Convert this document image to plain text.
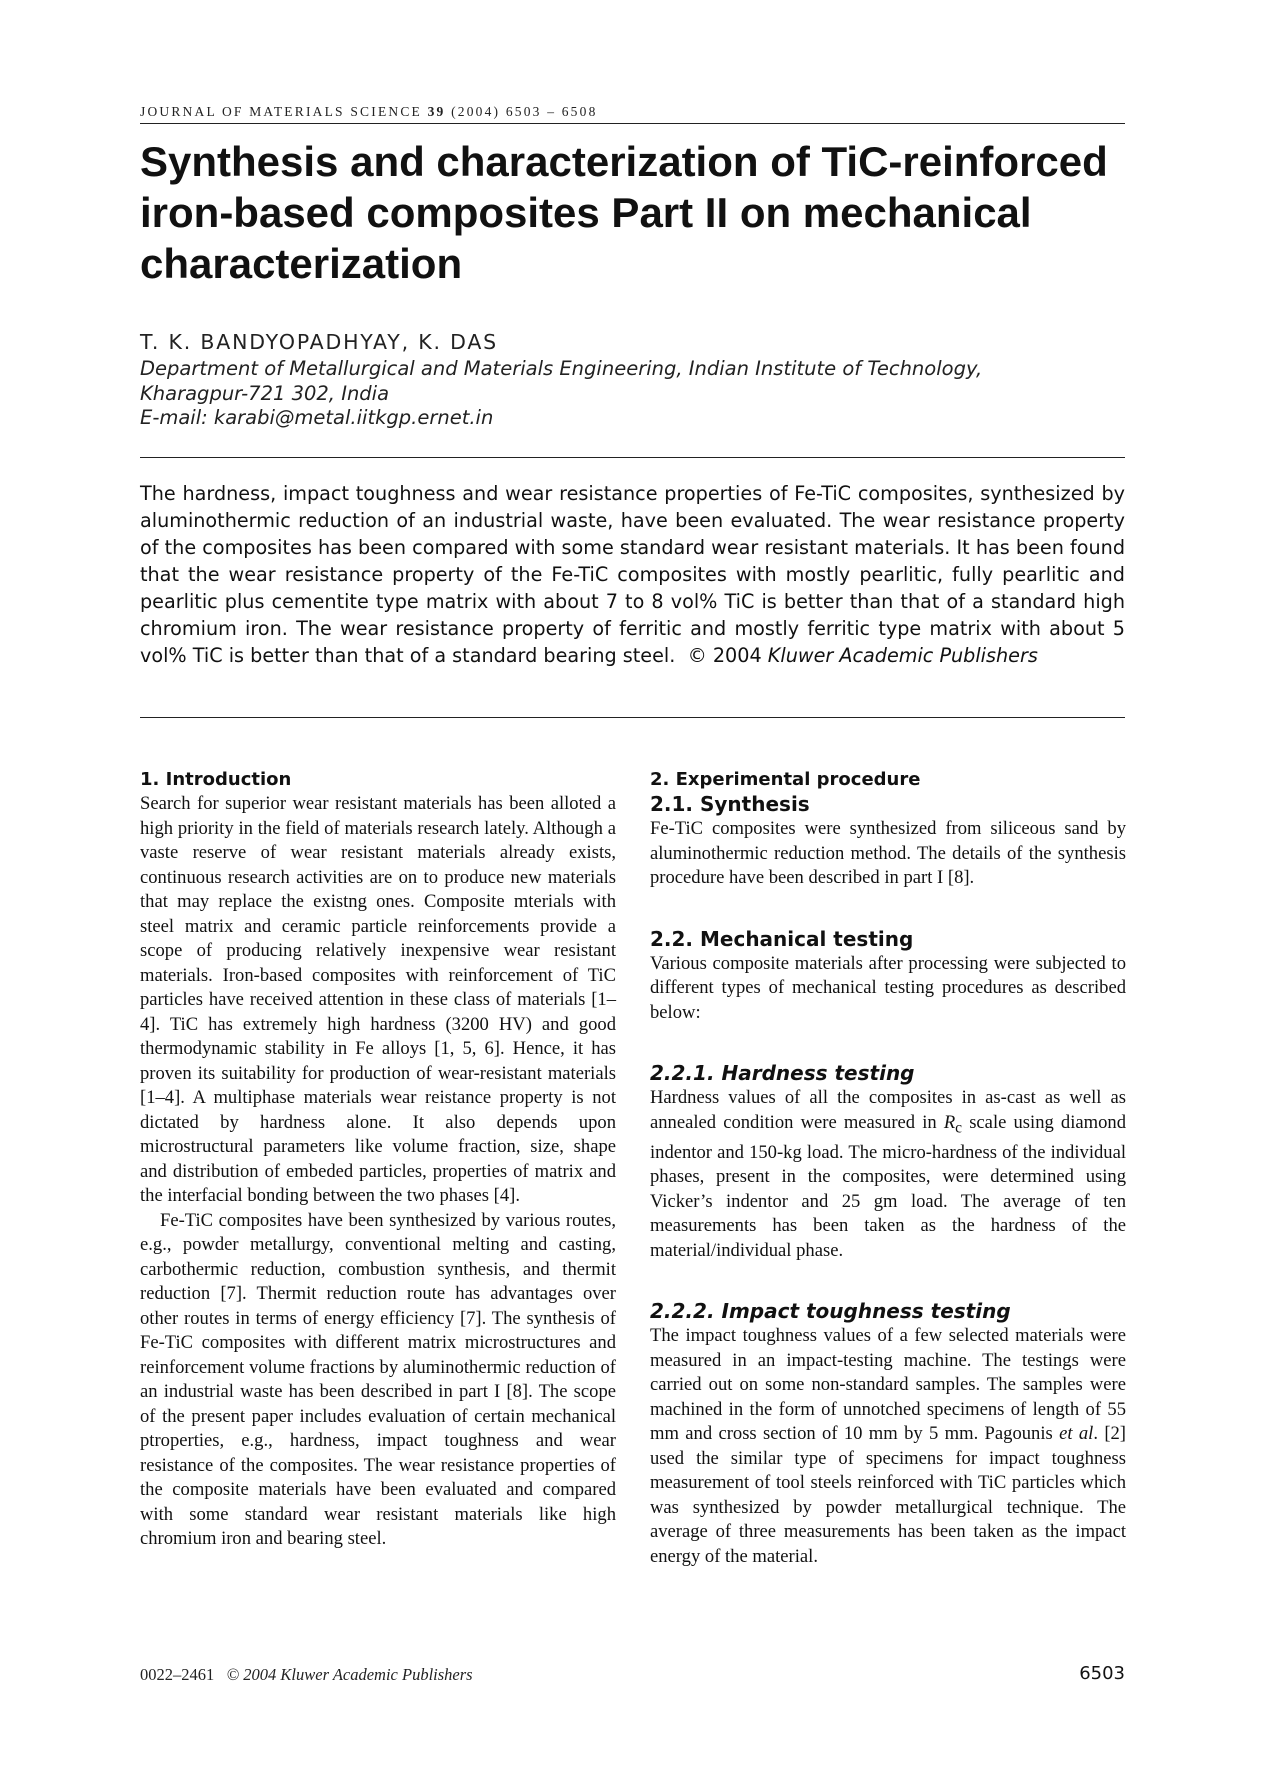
JOURNAL OF MATERIALS SCIENCE 39 (2004) 6503 – 6508
Synthesis and characterization of TiC-reinforced iron-based composites Part II on mechanical characterization
T. K. BANDYOPADHYAY, K. DAS
Department of Metallurgical and Materials Engineering, Indian Institute of Technology,
Kharagpur-721 302, India
E-mail: karabi@metal.iitkgp.ernet.in

The hardness, impact toughness and wear resistance properties of Fe-TiC composites, synthesized by aluminothermic reduction of an industrial waste, have been evaluated. The wear resistance property of the composites has been compared with some standard wear resistant materials. It has been found that the wear resistance property of the Fe-TiC composites with mostly pearlitic, fully pearlitic and pearlitic plus cementite type matrix with about 7 to 8 vol% TiC is better than that of a standard high chromium iron. The wear resistance property of ferritic and mostly ferritic type matrix with about 5 vol% TiC is better than that of a standard bearing steel. © 2004 Kluwer Academic Publishers

1. Introduction

Search for superior wear resistant materials has been alloted a high priority in the field of materials research lately. Although a vaste reserve of wear resistant materials already exists, continuous research activities are on to produce new materials that may replace the existng ones. Composite mterials with steel matrix and ceramic particle reinforcements provide a scope of producing relatively inexpensive wear resistant materials. Iron-based composites with reinforcement of TiC particles have received attention in these class of materials [1–4]. TiC has extremely high hardness (3200 HV) and good thermodynamic stability in Fe alloys [1, 5, 6]. Hence, it has proven its suitability for production of wear-resistant materials [1–4]. A multiphase materials wear reistance property is not dictated by hardness alone. It also depends upon microstructural parameters like volume fraction, size, shape and distribution of embeded particles, properties of matrix and the interfacial bonding between the two phases [4].

Fe-TiC composites have been synthesized by various routes, e.g., powder metallurgy, conventional melting and casting, carbothermic reduction, combustion synthesis, and thermit reduction [7]. Thermit reduction route has advantages over other routes in terms of energy efficiency [7]. The synthesis of Fe-TiC composites with different matrix microstructures and reinforcement volume fractions by aluminothermic reduction of an industrial waste has been described in part I [8]. The scope of the present paper includes evaluation of certain mechanical ptroperties, e.g., hardness, impact toughness and wear resistance of the composites. The wear resistance properties of the composite materials have been evaluated and compared with some standard wear resistant materials like high chromium iron and bearing steel.

2. Experimental procedure
2.1. Synthesis

Fe-TiC composites were synthesized from siliceous sand by aluminothermic reduction method. The details of the synthesis procedure have been described in part I [8].

2.2. Mechanical testing

Various composite materials after processing were subjected to different types of mechanical testing procedures as described below:

2.2.1. Hardness testing

Hardness values of all the composites in as-cast as well as annealed condition were measured in $R_c$ scale using diamond indentor and 150-kg load. The micro-hardness of the individual phases, present in the composites, were determined using Vicker’s indentor and 25 gm load. The average of ten measurements has been taken as the hardness of the material/individual phase.

2.2.2. Impact toughness testing

The impact toughness values of a few selected materials were measured in an impact-testing machine. The testings were carried out on some non-standard samples. The samples were machined in the form of unnotched specimens of length of 55 mm and cross section of 10 mm by 5 mm. Pagounis et al. [2] used the similar type of specimens for impact toughness measurement of tool steels reinforced with TiC particles which was synthesized by powder metallurgical technique. The average of three measurements has been taken as the impact energy of the material.

0022–2461 © 2004 Kluwer Academic Publishers	6503
